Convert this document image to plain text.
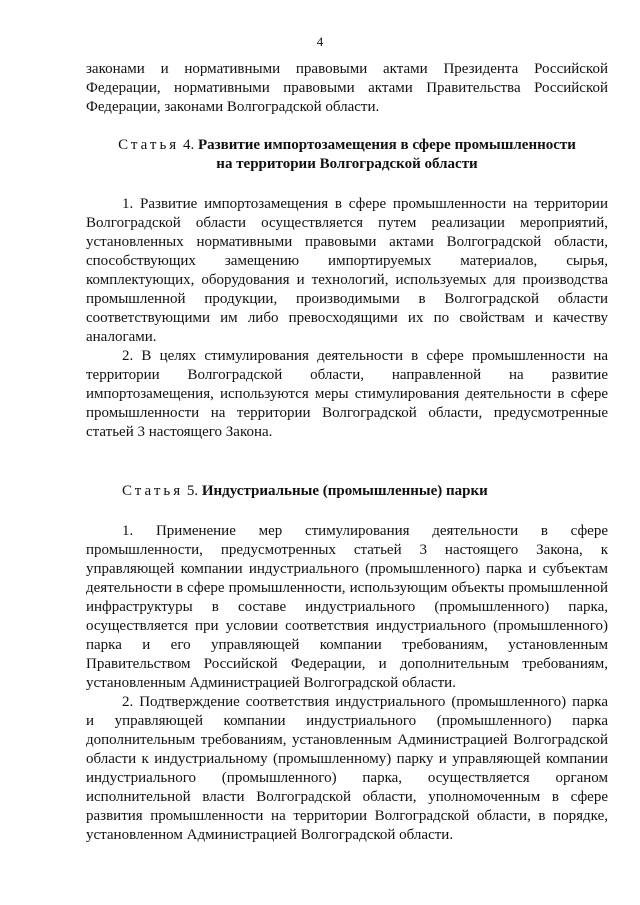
4

законами и нормативными правовыми актами Президента Российской Федерации, нормативными правовыми актами Правительства Российской Федерации, законами Волгоградской области.

Статья 4. Развитие импортозамещения в сфере промышленности
на территории Волгоградской области

1. Развитие импортозамещения в сфере промышленности на территории Волгоградской области осуществляется путем реализации мероприятий, установленных нормативными правовыми актами Волгоградской области, способствующих замещению импортируемых материалов, сырья, комплектующих, оборудования и технологий, используемых для производства промышленной продукции, производимыми в Волгоградской области соответствующими им либо превосходящими их по свойствам и качеству аналогами.

2. В целях стимулирования деятельности в сфере промышленности на территории Волгоградской области, направленной на развитие импортозамещения, используются меры стимулирования деятельности в сфере промышленности на территории Волгоградской области, предусмотренные статьей 3 настоящего Закона.

Статья 5. Индустриальные (промышленные) парки

1. Применение мер стимулирования деятельности в сфере промышленности, предусмотренных статьей 3 настоящего Закона, к управляющей компании индустриального (промышленного) парка и субъектам деятельности в сфере промышленности, использующим объекты промышленной инфраструктуры в составе индустриального (промышленного) парка, осуществляется при условии соответствия индустриального (промышленного) парка и его управляющей компании требованиям, установленным Правительством Российской Федерации, и дополнительным требованиям, установленным Администрацией Волгоградской области.

2. Подтверждение соответствия индустриального (промышленного) парка и управляющей компании индустриального (промышленного) парка дополнительным требованиям, установленным Администрацией Волгоградской области к индустриальному (промышленному) парку и управляющей компании индустриального (промышленного) парка, осуществляется органом исполнительной власти Волгоградской области, уполномоченным в сфере развития промышленности на территории Волгоградской области, в порядке, установленном Администрацией Волгоградской области.
